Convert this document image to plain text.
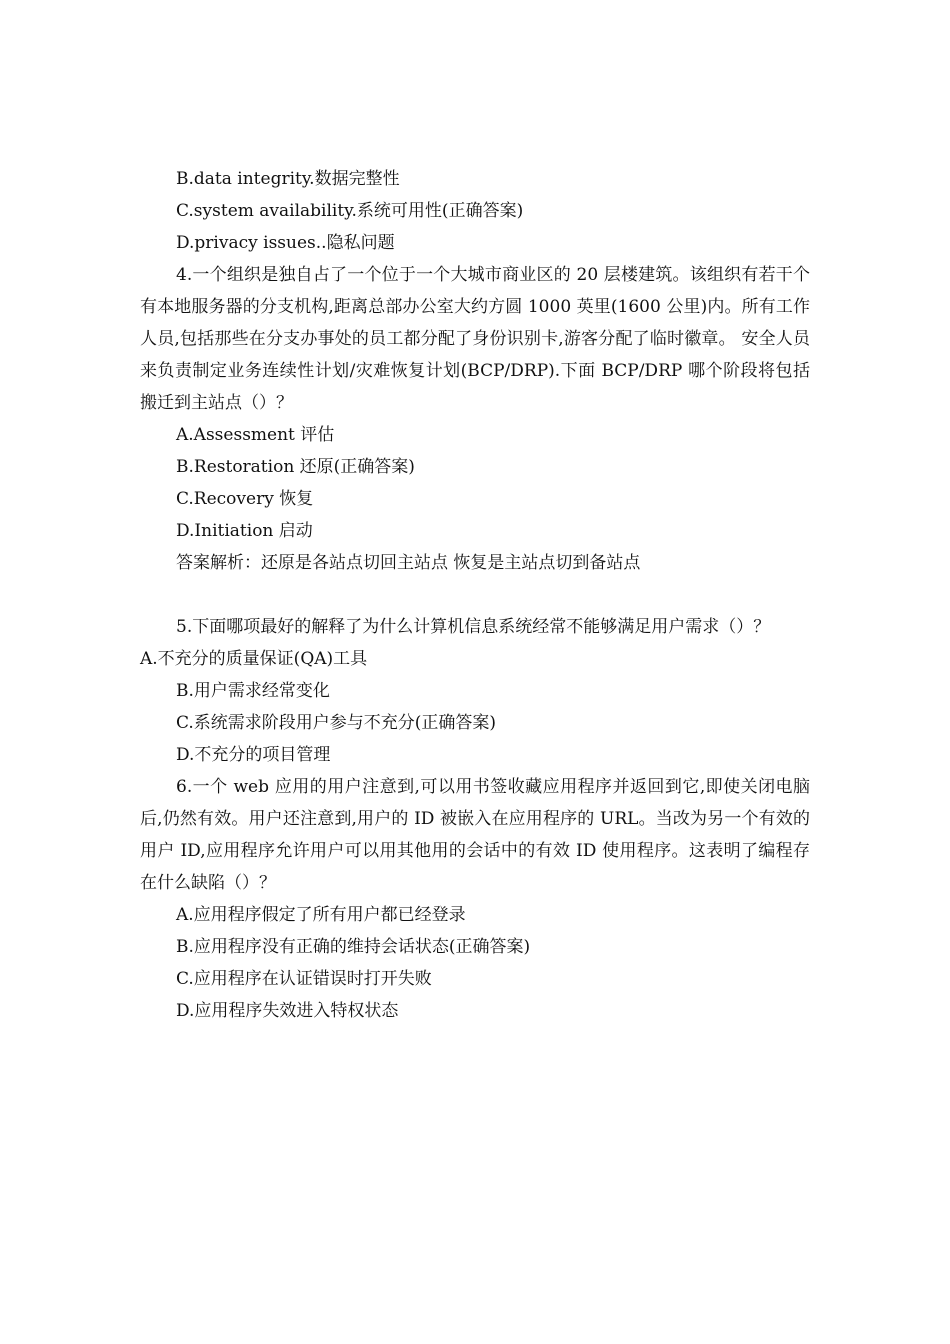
B.data integrity.数据完整性
C.system availability.系统可用性(正确答案)
D.privacy issues..隐私问题
4.一个组织是独自占了一个位于一个大城市商业区的 20 层楼建筑。该组织有若干个有本地服务器的分支机构,距离总部办公室大约方圆 1000 英里(1600 公里)内。所有工作人员,包括那些在分支办事处的员工都分配了身份识别卡,游客分配了临时徽章。 安全人员来负责制定业务连续性计划/灾难恢复计划(BCP/DRP).下面 BCP/DRP 哪个阶段将包括搬迁到主站点（）？
A.Assessment 评估
B.Restoration 还原(正确答案)
C.Recovery 恢复
D.Initiation 启动
答案解析：还原是各站点切回主站点 恢复是主站点切到备站点
5.下面哪项最好的解释了为什么计算机信息系统经常不能够满足用户需求（）？
A.不充分的质量保证(QA)工具
B.用户需求经常变化
C.系统需求阶段用户参与不充分(正确答案)
D.不充分的项目管理
6.一个 web 应用的用户注意到,可以用书签收藏应用程序并返回到它,即使关闭电脑后,仍然有效。用户还注意到,用户的 ID 被嵌入在应用程序的 URL。当改为另一个有效的用户 ID,应用程序允许用户可以用其他用的会话中的有效 ID 使用程序。这表明了编程存在什么缺陷（）？
A.应用程序假定了所有用户都已经登录
B.应用程序没有正确的维持会话状态(正确答案)
C.应用程序在认证错误时打开失败
D.应用程序失效进入特权状态
